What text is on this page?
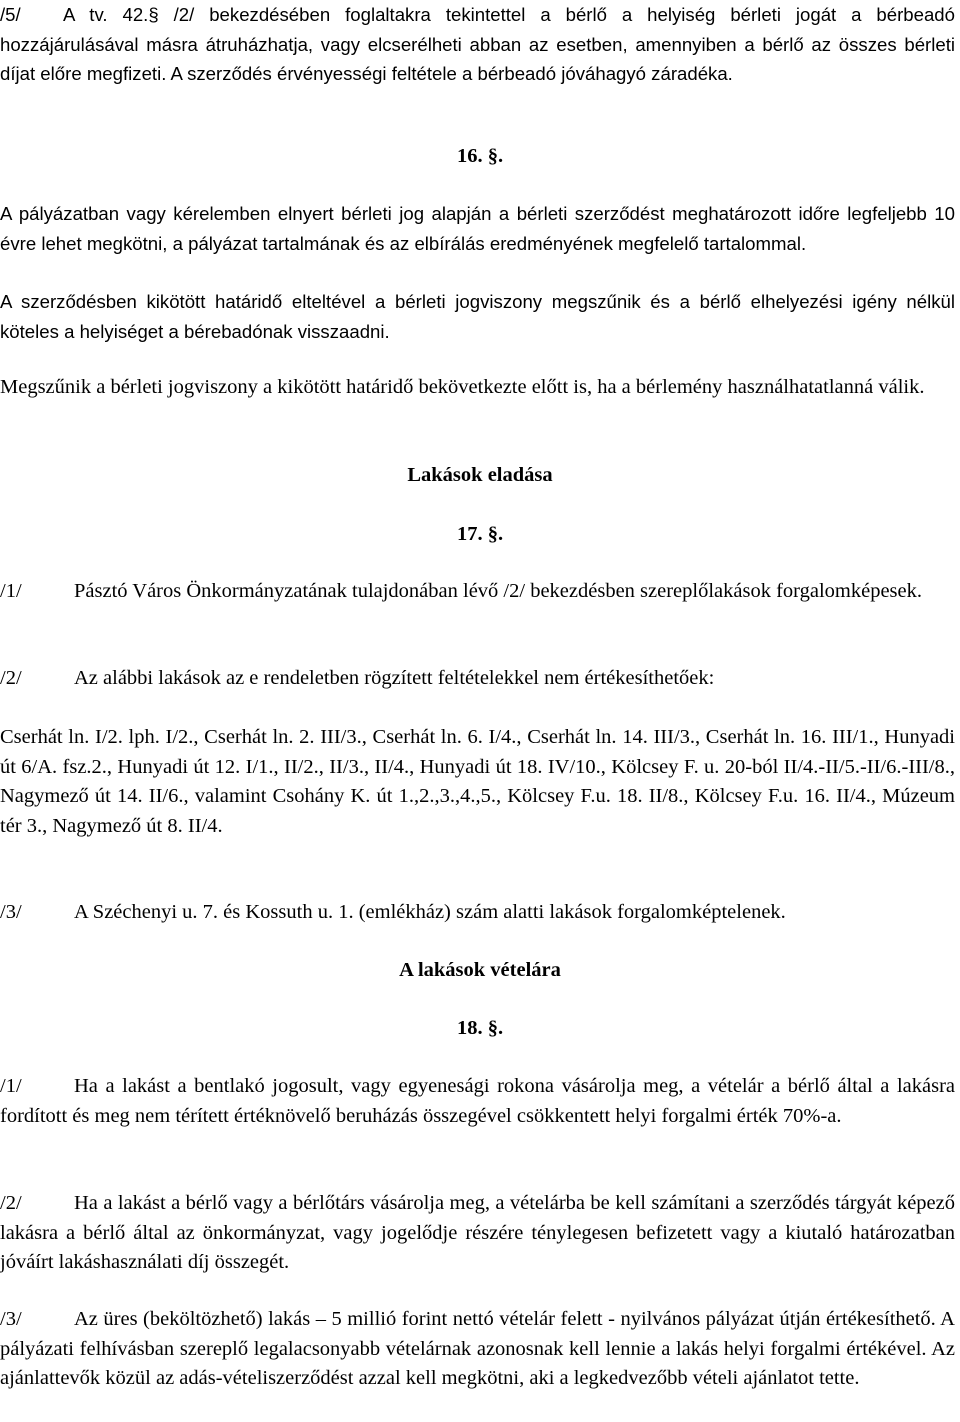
/5/ A tv. 42.§ /2/ bekezdésében foglaltakra tekintettel a bérlő a helyiség bérleti jogát a bérbeadó hozzájárulásával másra átruházhatja, vagy elcserélheti abban az esetben, amennyiben a bérlő az összes bérleti díjat előre megfizeti. A szerződés érvényességi feltétele a bérbeadó jóváhagyó záradéka.

16. §.

A pályázatban vagy kérelemben elnyert bérleti jog alapján a bérleti szerződést meghatározott időre legfeljebb 10 évre lehet megkötni, a pályázat tartalmának és az elbírálás eredményének megfelelő tartalommal.

A szerződésben kikötött határidő elteltével a bérleti jogviszony megszűnik és a bérlő elhelyezési igény nélkül köteles a helyiséget a bérebadónak visszaadni.

Megszűnik a bérleti jogviszony a kikötött határidő bekövetkezte előtt is, ha a bérlemény használhatatlanná válik.

Lakások eladása

17. §.

/1/	Pásztó Város Önkormányzatának tulajdonában lévő /2/ bekezdésben szereplőlakások forgalomképesek.

/2/	Az alábbi lakások az e rendeletben rögzített feltételekkel nem értékesíthetőek:

Cserhát ln. I/2. lph. I/2., Cserhát ln. 2. III/3., Cserhát ln. 6. I/4., Cserhát ln. 14. III/3., Cserhát ln. 16. III/1., Hunyadi út 6/A. fsz.2., Hunyadi út 12. I/1., II/2., II/3., II/4., Hunyadi út 18. IV/10., Kölcsey F. u. 20-ból II/4.-II/5.-II/6.-III/8., Nagymező út 14. II/6., valamint Csohány K. út 1.,2.,3.,4.,5., Kölcsey F.u. 18. II/8., Kölcsey F.u. 16. II/4., Múzeum tér 3., Nagymező út 8. II/4.

/3/	A Széchenyi u. 7. és Kossuth u. 1. (emlékház) szám alatti lakások forgalomképtelenek.

A lakások vételára

18. §.

/1/	Ha a lakást a bentlakó jogosult, vagy egyenesági rokona vásárolja meg, a vételár a bérlő által a lakásra fordított és meg nem térített értéknövelő beruházás összegével csökkentett helyi forgalmi érték 70%-a.

/2/	Ha a lakást a bérlő vagy a bérlőtárs vásárolja meg, a vételárba be kell számítani a szerződés tárgyát képező lakásra a bérlő által az önkormányzat, vagy jogelődje részére ténylegesen befizetett vagy a kiutaló határozatban jóváírt lakáshasználati díj összegét.

/3/	Az üres (beköltözhető) lakás – 5 millió forint nettó vételár felett - nyilvános pályázat útján értékesíthető. A pályázati felhívásban szereplő legalacsonyabb vételárnak azonosnak kell lennie a lakás helyi forgalmi értékével. Az ajánlattevők közül az adás-vételiszerződést azzal kell megkötni, aki a legkedvezőbb vételi ajánlatot tette.
